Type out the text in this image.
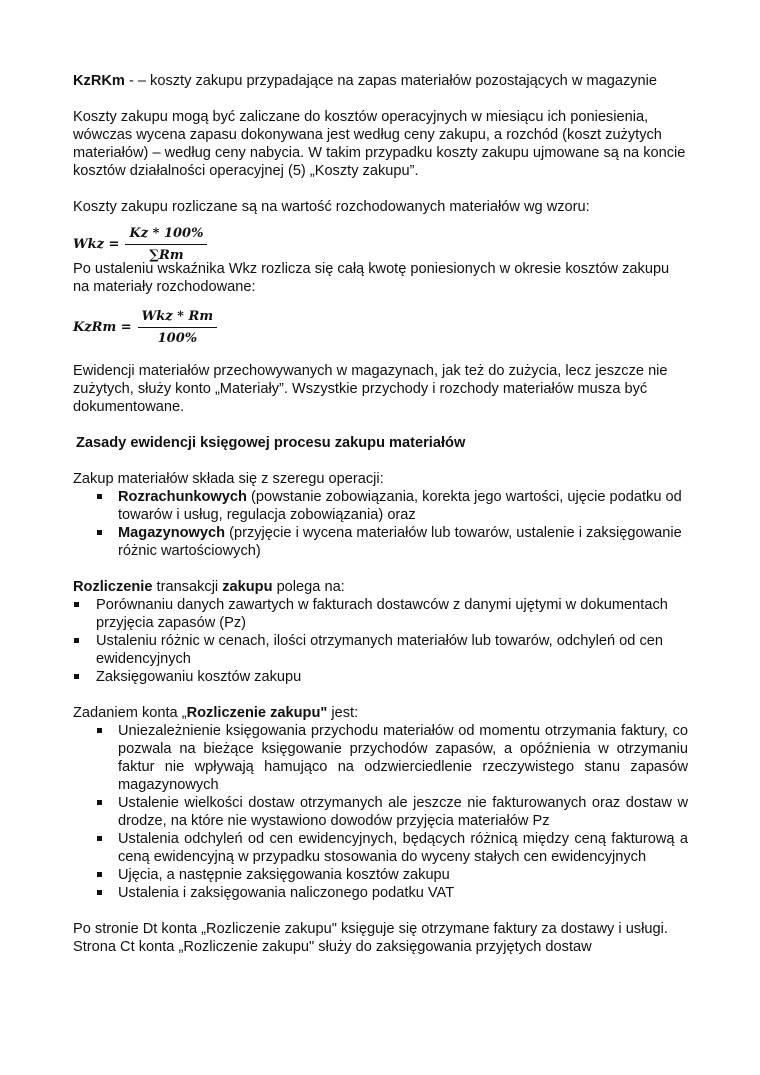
KzRKm - – koszty zakupu przypadające na zapas materiałów pozostających w magazynie

Koszty zakupu mogą być zaliczane do kosztów operacyjnych w miesiącu ich poniesienia, wówczas wycena zapasu dokonywana jest według ceny zakupu, a rozchód (koszt zużytych materiałów) – według ceny nabycia. W takim przypadku koszty zakupu ujmowane są na koncie kosztów działalności operacyjnej (5) „Koszty zakupu”.

Koszty zakupu rozliczane są na wartość rozchodowanych materiałów wg wzoru:

Wkz = $\frac{Kz * 100\%}{\sum Rm}$

Po ustaleniu wskaźnika Wkz rozlicza się całą kwotę poniesionych w okresie kosztów zakupu na materiały rozchodowane:

KzRm = $\frac{\text{Wkz * Rm}}{100\%}$

Ewidencji materiałów przechowywanych w magazynach, jak też do zużycia, lecz jeszcze nie zużytych, służy konto „Materiały”. Wszystkie przychody i rozchody materiałów musza być dokumentowane.

Zasady ewidencji księgowej procesu zakupu materiałów

Zakup materiałów składa się z szeregu operacji:

Rozrachunkowych (powstanie zobowiązania, korekta jego wartości, ujęcie podatku od towarów i usług, regulacja zobowiązania) oraz
Magazynowych (przyjęcie i wycena materiałów lub towarów, ustalenie i zaksięgowanie różnic wartościowych)

Rozliczenie transakcji zakupu polega na:

Porównaniu danych zawartych w fakturach dostawców z danymi ujętymi w dokumentach przyjęcia zapasów (Pz)
Ustaleniu różnic w cenach, ilości otrzymanych materiałów lub towarów, odchyleń od cen ewidencyjnych
Zaksięgowaniu kosztów zakupu

Zadaniem konta „Rozliczenie zakupu" jest:

Uniezależnienie księgowania przychodu materiałów od momentu otrzymania faktury, co pozwala na bieżące księgowanie przychodów zapasów, a opóźnienia w otrzymaniu faktur nie wpływają hamująco na odzwierciedlenie rzeczywistego stanu zapasów magazynowych
Ustalenie wielkości dostaw otrzymanych ale jeszcze nie fakturowanych oraz dostaw w drodze, na które nie wystawiono dowodów przyjęcia materiałów Pz
Ustalenia odchyleń od cen ewidencyjnych, będących różnicą między ceną fakturową a ceną ewidencyjną w przypadku stosowania do wyceny stałych cen ewidencyjnych
Ujęcia, a następnie zaksięgowania kosztów zakupu
Ustalenia i zaksięgowania naliczonego podatku VAT

Po stronie Dt konta „Rozliczenie zakupu" księguje się otrzymane faktury za dostawy i usługi.

Strona Ct konta „Rozliczenie zakupu" służy do zaksięgowania przyjętych dostaw
